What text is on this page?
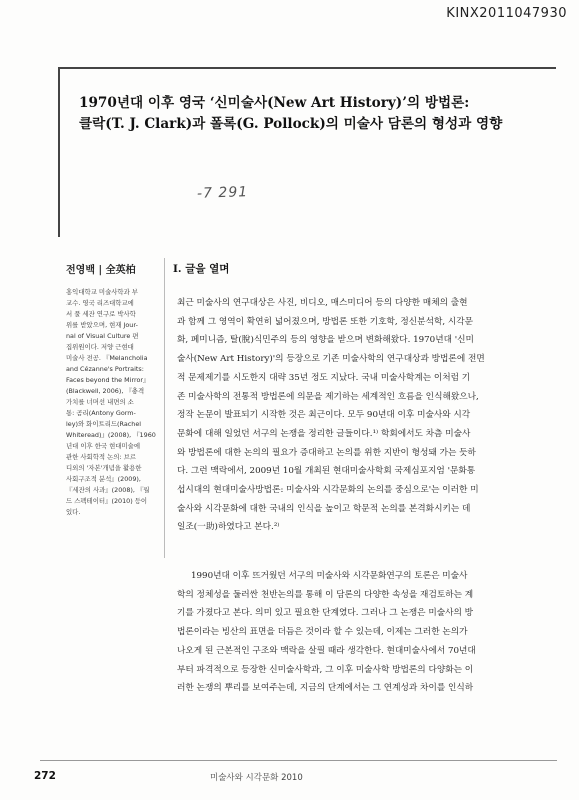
KINX2011047930
1970년대 이후 영국 ‘신미술사(New Art History)’의 방법론:
클락(T. J. Clark)과 폴록(G. Pollock)의 미술사 담론의 형성과 영향
-7 291
전영백 | 全英柏
홍익대학교 미술사학과 부
교수. 영국 리즈대학교에
서 풀 세잔 연구로 박사학
위를 받았으며, 현재 Jour-
nal of Visual Culture 편
집위원이다. 저양 근현대
미술사 전공. 『Melancholia
and Cézanne's Portraits:
Faces beyond the Mirror』
(Blackwell, 2006), 『충격
가치를 너머선 내면의 소
통: 곰리(Antony Gorm-
ley)와 화이트리드(Rachel
Whiteread)』(2008), 『1960
년대 이후 한국 현대미술에
관한 사회학적 논의: 브르
디외의 '자본'개념을 활용한
사회구조적 분석』(2009),
『세잔의 사과』(2008), 『월
드 스펙테이터』(2010) 등이
있다.
I. 글을 열며
최근 미술사의 연구대상은 사진, 비디오, 매스미디어 등의 다양한 매체의 출현
과 함께 그 영역이 확연히 넓어졌으며, 방법론 또한 기호학, 정신분석학, 시각문
화, 페미니즘, 탈(脫)식민주의 등의 영향을 받으며 변화해왔다. 1970년대 '신미
술사(New Art History)'의 등장으로 기존 미술사학의 연구대상과 방법론에 전면
적 문제제기를 시도한지 대략 35년 정도 지났다. 국내 미술사학계는 이처럼 기
존 미술사학의 전통적 방법론에 의문을 제기하는 세계적인 흐름을 인식해왔으나,
정작 논문이 발표되기 시작한 것은 최근이다. 모두 90년대 이후 미술사와 시각
문화에 대해 일었던 서구의 논쟁을 정리한 글들이다.¹⁾ 학회에서도 차츰 미술사
와 방법론에 대한 논의의 필요가 증대하고 논의를 위한 지반이 형성돼 가는 듯하
다. 그런 맥락에서, 2009년 10월 개최된 현대미술사학회 국제심포지엄 '문화통
섭시대의 현대미술사방법론: 미술사와 시각문화의 논의를 중심으로'는 이러한 미
술사와 시각문화에 대한 국내의 인식을 높이고 학문적 논의를 본격화시키는 데
일조(一助)하였다고 본다.²⁾
1990년대 이후 뜨거웠던 서구의 미술사와 시각문화연구의 토론은 미술사
학의 정체성을 둘러싼 천반논의를 통해 이 담론의 다양한 속성을 재검토하는 계
기를 가졌다고 본다. 의미 있고 필요한 단계였다. 그러나 그 논쟁은 미술사의 방
법론이라는 빙산의 표면을 더듬은 것이라 할 수 있는데, 이제는 그러한 논의가
나오게 된 근본적인 구조와 맥락을 살필 때라 생각한다. 현대미술사에서 70년대
부터 파격적으로 등장한 신미술사학과, 그 이후 미술사학 방법론의 다양화는 이
러한 논쟁의 뿌리를 보여주는데, 지금의 단계에서는 그 연계성과 차이를 인식하
272	미술사와 시각문화 2010
